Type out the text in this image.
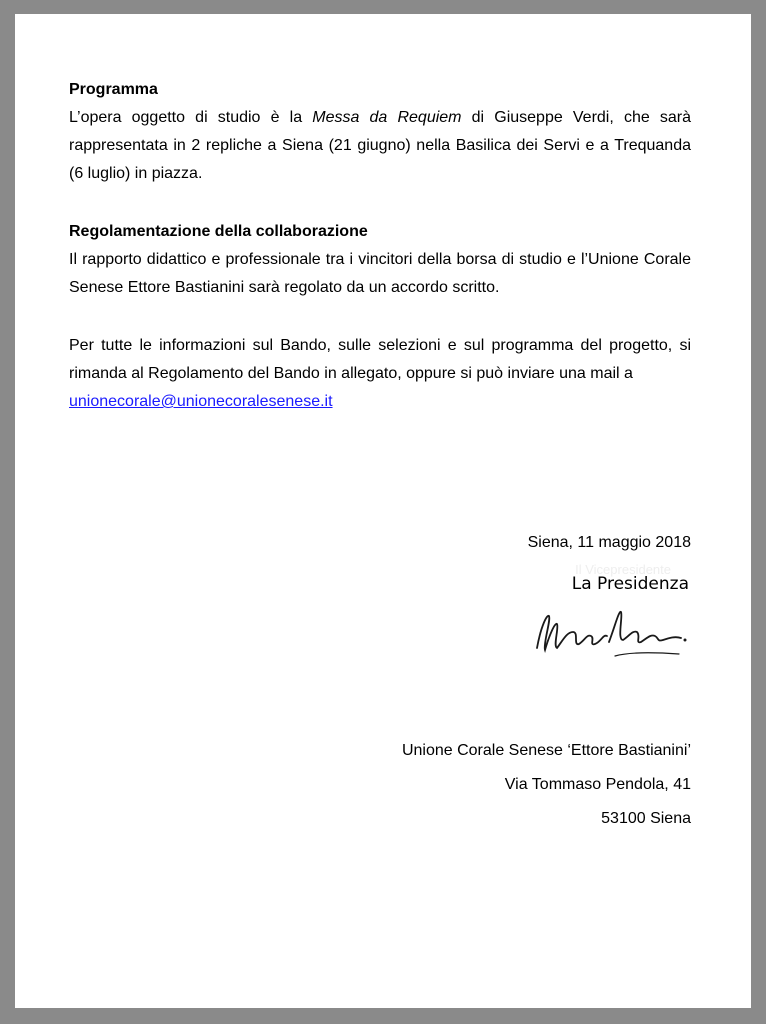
Programma

L’opera oggetto di studio è la Messa da Requiem di Giuseppe Verdi, che sarà rappresentata in 2 repliche a Siena (21 giugno) nella Basilica dei Servi e a Trequanda (6 luglio) in piazza.

Regolamentazione della collaborazione

Il rapporto didattico e professionale tra i vincitori della borsa di studio e l’Unione Corale Senese Ettore Bastianini sarà regolato da un accordo scritto.

Per tutte le informazioni sul Bando, sulle selezioni e sul programma del progetto, si rimanda al Regolamento del Bando in allegato, oppure si può inviare una mail a

unionecorale@unionecoralesenese.it

Siena, 11 maggio 2018
Il Vicepresidente
La Presidenza
Unione Corale Senese ‘Ettore Bastianini’
Via Tommaso Pendola, 41
53100 Siena
